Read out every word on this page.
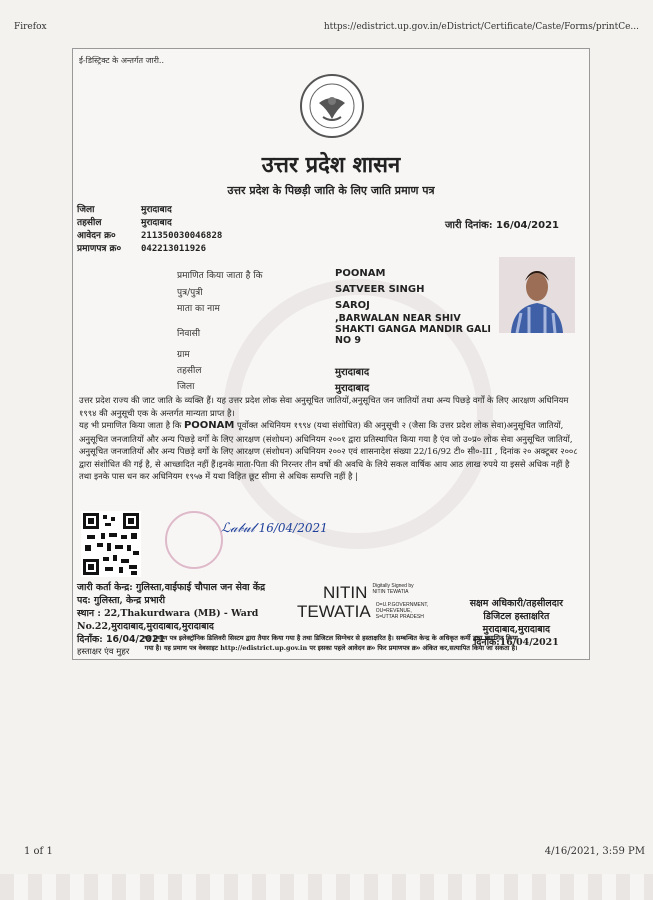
Firefox	https://edistrict.up.gov.in/eDistrict/Certificate/Caste/Forms/printCe...
ई-डिस्ट्रिक्ट के अन्तर्गत जारी..
उत्तर प्रदेश शासन
उत्तर प्रदेश के पिछड़ी जाति के लिए जाति प्रमाण पत्र
जिला	मुरादाबाद
तहसील	मुरादाबाद
आवेदन क्र०	211350030046828
प्रमाणपत्र क्र० 042213011926
जारी दिनांक: 16/04/2021
प्रमाणित किया जाता है कि	POONAM
पुत्र/पुत्री	SATVEER SINGH
माता का नाम	SAROJ
निवासी
,BARWALAN NEAR SHIV SHAKTI GANGA MANDIR GALI NO 9
ग्राम
तहसील	मुरादाबाद
जिला	मुरादाबाद
उत्तर प्रदेश राज्य की जाट जाति के व्यक्ति हैं। यह उत्तर प्रदेश लोक सेवा अनुसूचित जातियों,अनुसूचित जन जातियों तथा अन्य पिछड़े वर्गों के लिए आरक्षण अधिनियम १९९४ की अनुसूची एक के अन्तर्गत मान्यता प्राप्त है।
यह भी प्रमाणित किया जाता है कि POONAM पूर्वोक्त अधिनियम १९९४ (यथा संशोधित) की अनुसूची २ (जैसा कि उत्तर प्रदेश लोक सेवा)अनुसूचित जातियों, अनुसूचित जनजातियों और अन्य पिछड़े वर्गों के लिए आरक्षण (संशोधन) अधिनियम २००१ द्वारा प्रतिस्थापित किया गया है एंव जो उ०प्र० लोक सेवा अनुसूचित जातियों, अनुसूचित जनजातियों और अन्य पिछड़े वर्गों के लिए आरक्षण (संशोधन) अधिनियम २००२ एवं शासनादेश संख्या 22/16/92 टी० सी०-III , दिनांक २० अक्टूबर २००८ द्वारा संशोधित की गई है, से आच्छादित नहीं हैं।इनके माता-पिता की निरन्तर तीन वर्षो की अवधि के लिये सकल वार्षिक आय आठ लाख रुपये या इससे अधिक नहीं है तथा इनके पास धन कर अधिनियम १९५७ में यथा विहित छूट सीमा से अधिक सम्पत्ति नहीं है |
ℒ𝒶𝒷𝓊𝓁 16/04/2021
जारी कर्ता केन्द्र: गुलिस्ता,वाईफाई चौपाल जन सेवा केंद्र
पद: गुलिस्ता, केन्द्र प्रभारी
स्थान : 22,Thakurdwara (MB) - Ward
No.22,मुरादाबाद,मुरादाबाद,मुरादाबाद
दिनाँक: 16/04/2021
हस्ताक्षर एंव मुहर
NITIN Digitally Signed by
NITIN TEWATIA
TEWATIA O=U.P.GOVERNMENT,
OU=REVENUE,
S=UTTAR PRADESH
सक्षम अधिकारी/तहसीलदार
डिजिटल हस्ताक्षरित
मुरादाबाद,मुरादाबाद
दिनॉक:16/04/2021
यह प्रमाण पत्र इलेक्ट्रॉनिक डिलिवरी सिस्टम द्वारा तैयार किया गया है तथा डिजिटल सिग्नेचर से हस्ताक्षरित है। सम्बन्धित केन्द्र के अधिकृत कर्मी द्वारा प्रमाणित किया
गया है। यह प्रमाण पत्र वेबसाइट http://edistrict.up.gov.in पर इसका पहले आवेदन क्र० फिर प्रमाणपत्र क्र० अंकित कर,सत्यापित किया जा सकता है।
1 of 1	4/16/2021, 3:59 PM
